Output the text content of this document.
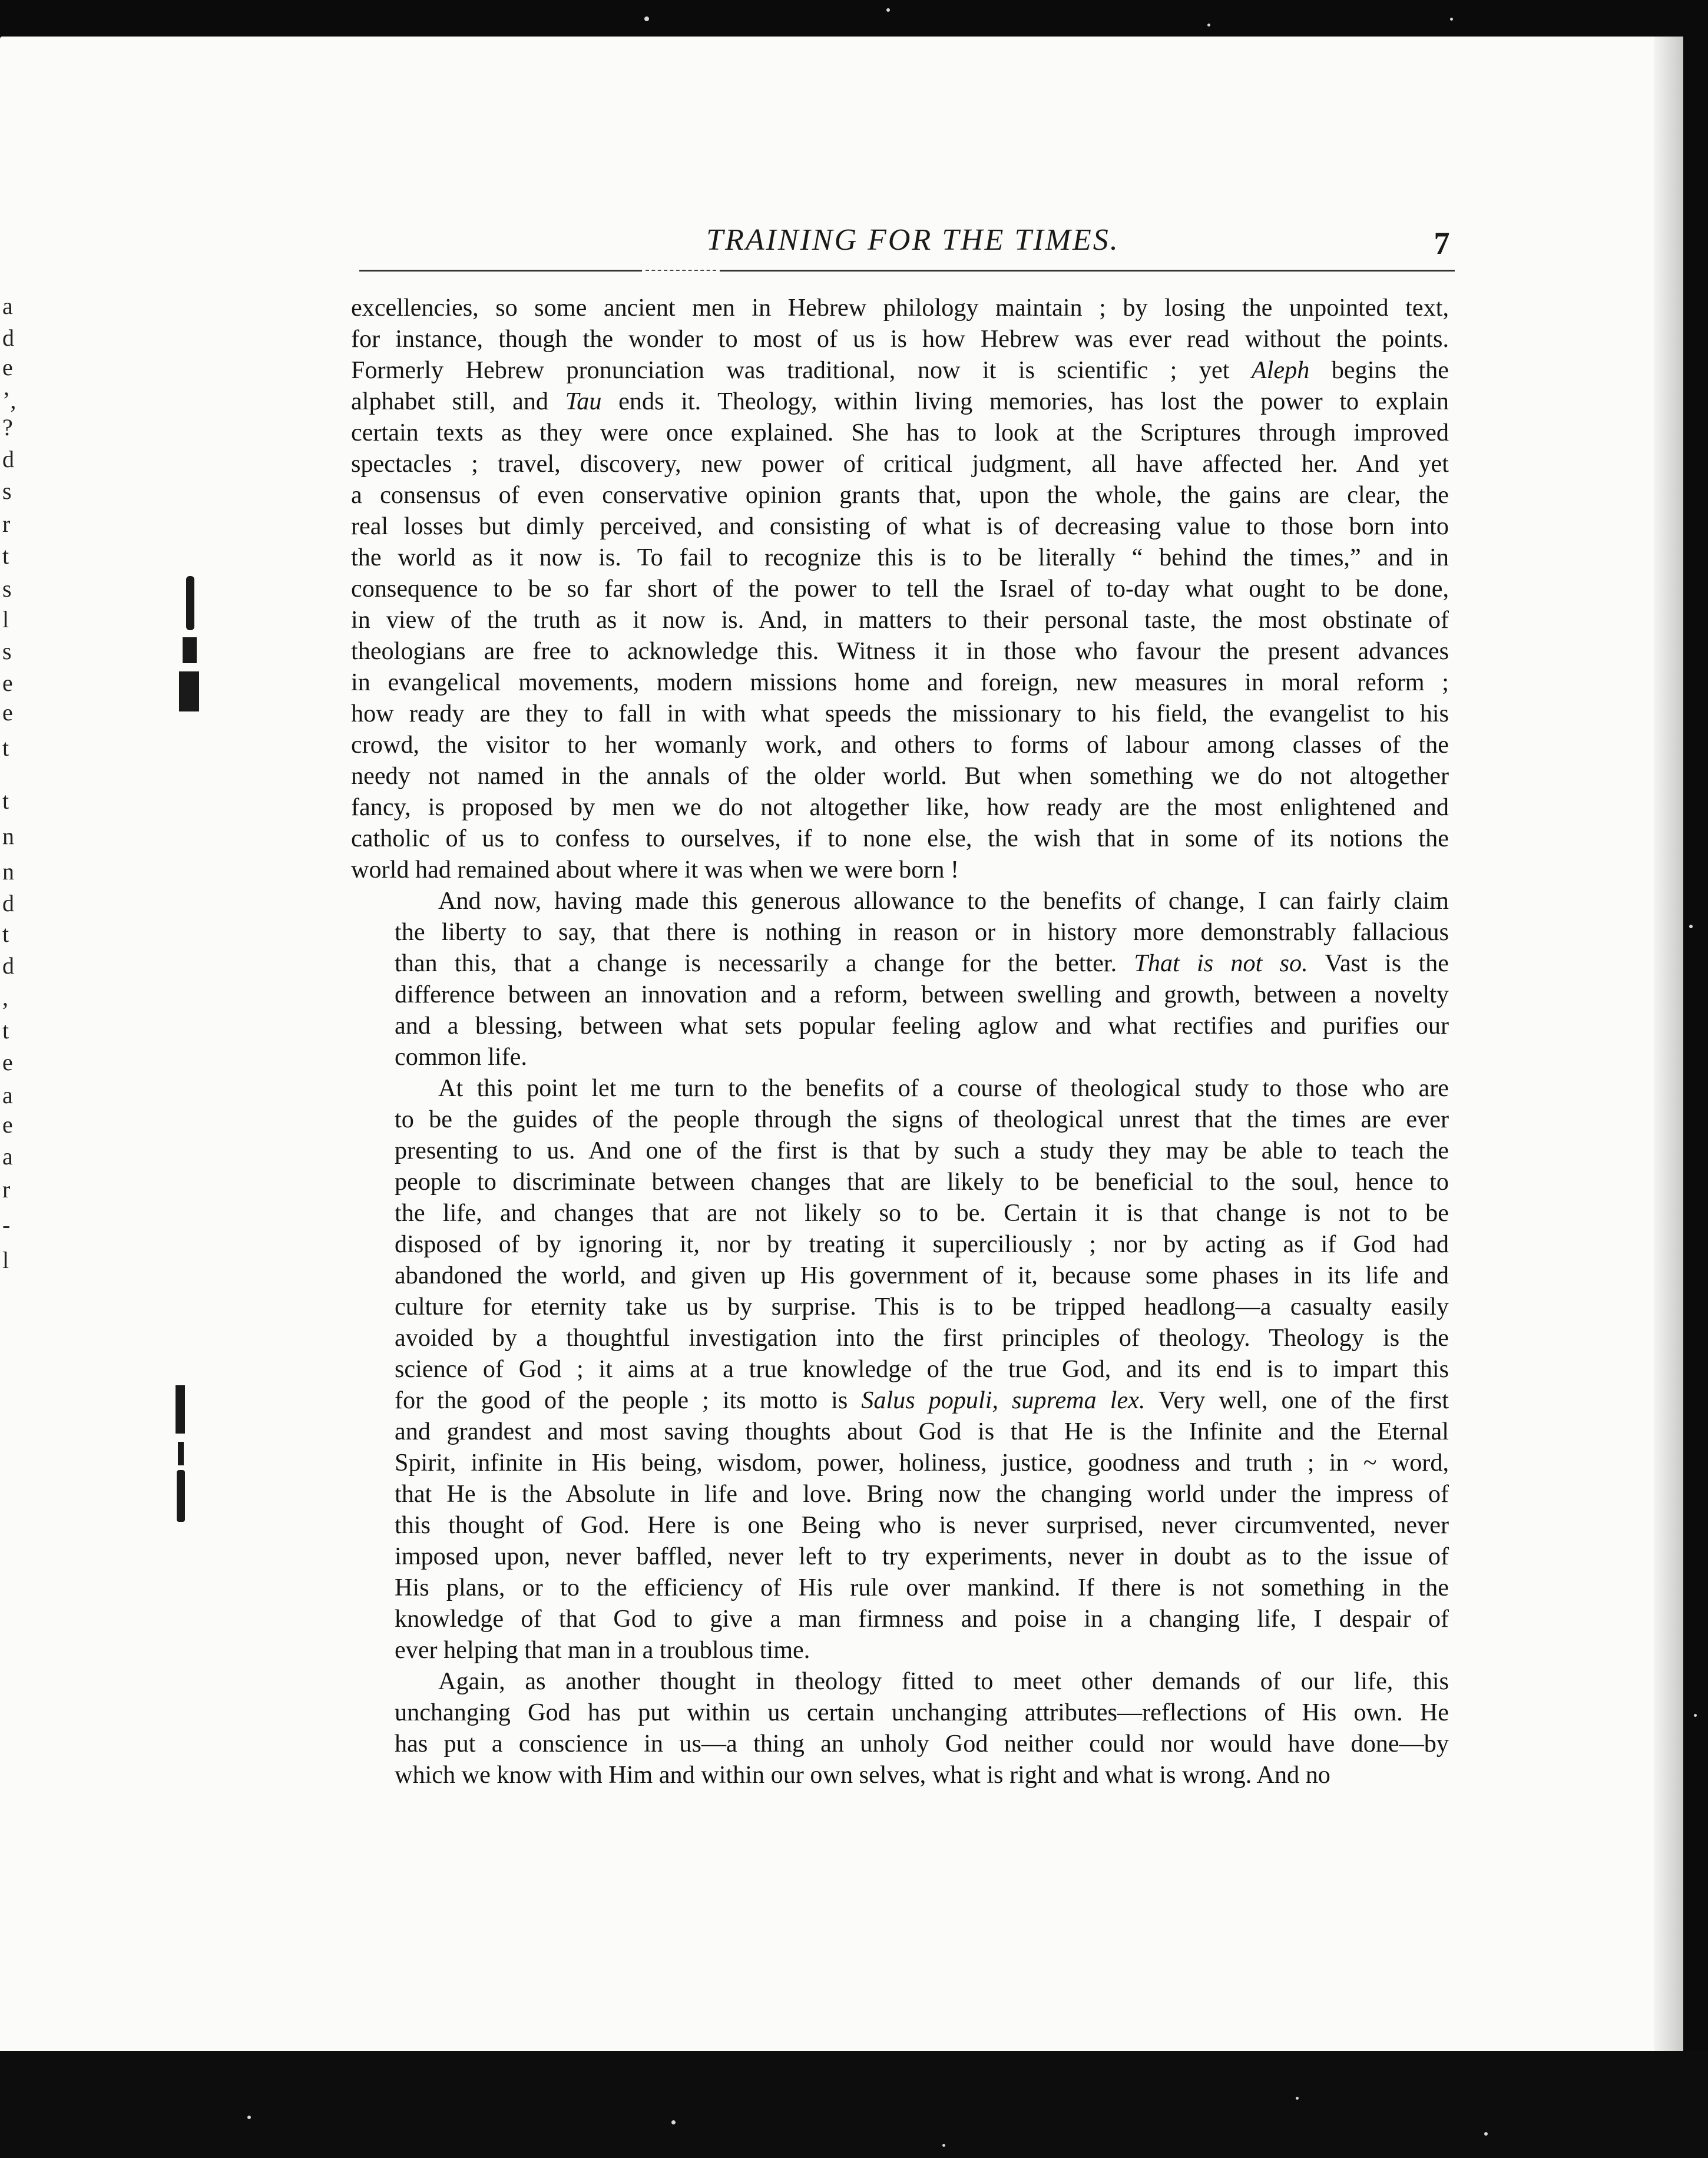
a
d
e
’,
?
d
s
r
t
s
l
s
e
e
t
t
n
n
d
t
d
,
t
e
a
e
a
r
-
l
TRAINING FOR THE TIMES.	7

excellencies, so some ancient men in Hebrew philology maintain ; by losing the unpointed text,
for instance, though the wonder to most of us is how Hebrew was ever read without the points.
Formerly Hebrew pronunciation was traditional, now it is scientific ; yet Aleph begins the
alphabet still, and Tau ends it. Theology, within living memories, has lost the power to explain
certain texts as they were once explained. She has to look at the Scriptures through improved
spectacles ; travel, discovery, new power of critical judgment, all have affected her. And yet
a consensus of even conservative opinion grants that, upon the whole, the gains are clear, the
real losses but dimly perceived, and consisting of what is of decreasing value to those born into
the world as it now is. To fail to recognize this is to be literally “ behind the times,” and in
consequence to be so far short of the power to tell the Israel of to-day what ought to be done,
in view of the truth as it now is. And, in matters to their personal taste, the most obstinate of
theologians are free to acknowledge this. Witness it in those who favour the present advances
in evangelical movements, modern missions home and foreign, new measures in moral reform ;
how ready are they to fall in with what speeds the missionary to his field, the evangelist to his
crowd, the visitor to her womanly work, and others to forms of labour among classes of the
needy not named in the annals of the older world. But when something we do not altogether
fancy, is proposed by men we do not altogether like, how ready are the most enlightened and
catholic of us to confess to ourselves, if to none else, the wish that in some of its notions the
world had remained about where it was when we were born !

And now, having made this generous allowance to the benefits of change, I can fairly claim
the liberty to say, that there is nothing in reason or in history more demonstrably fallacious
than this, that a change is necessarily a change for the better. That is not so. Vast is the
difference between an innovation and a reform, between swelling and growth, between a novelty
and a blessing, between what sets popular feeling aglow and what rectifies and purifies our
common life.

At this point let me turn to the benefits of a course of theological study to those who are
to be the guides of the people through the signs of theological unrest that the times are ever
presenting to us. And one of the first is that by such a study they may be able to teach the
people to discriminate between changes that are likely to be beneficial to the soul, hence to
the life, and changes that are not likely so to be. Certain it is that change is not to be
disposed of by ignoring it, nor by treating it superciliously ; nor by acting as if God had
abandoned the world, and given up His government of it, because some phases in its life and
culture for eternity take us by surprise. This is to be tripped headlong—a casualty easily
avoided by a thoughtful investigation into the first principles of theology. Theology is the
science of God ; it aims at a true knowledge of the true God, and its end is to impart this
for the good of the people ; its motto is Salus populi, suprema lex. Very well, one of the first
and grandest and most saving thoughts about God is that He is the Infinite and the Eternal
Spirit, infinite in His being, wisdom, power, holiness, justice, goodness and truth ; in ~ word,
that He is the Absolute in life and love. Bring now the changing world under the impress of
this thought of God. Here is one Being who is never surprised, never circumvented, never
imposed upon, never baffled, never left to try experiments, never in doubt as to the issue of
His plans, or to the efficiency of His rule over mankind. If there is not something in the
knowledge of that God to give a man firmness and poise in a changing life, I despair of
ever helping that man in a troublous time.

Again, as another thought in theology fitted to meet other demands of our life, this
unchanging God has put within us certain unchanging attributes—reflections of His own. He
has put a conscience in us—a thing an unholy God neither could nor would have done—by
which we know with Him and within our own selves, what is right and what is wrong. And no
